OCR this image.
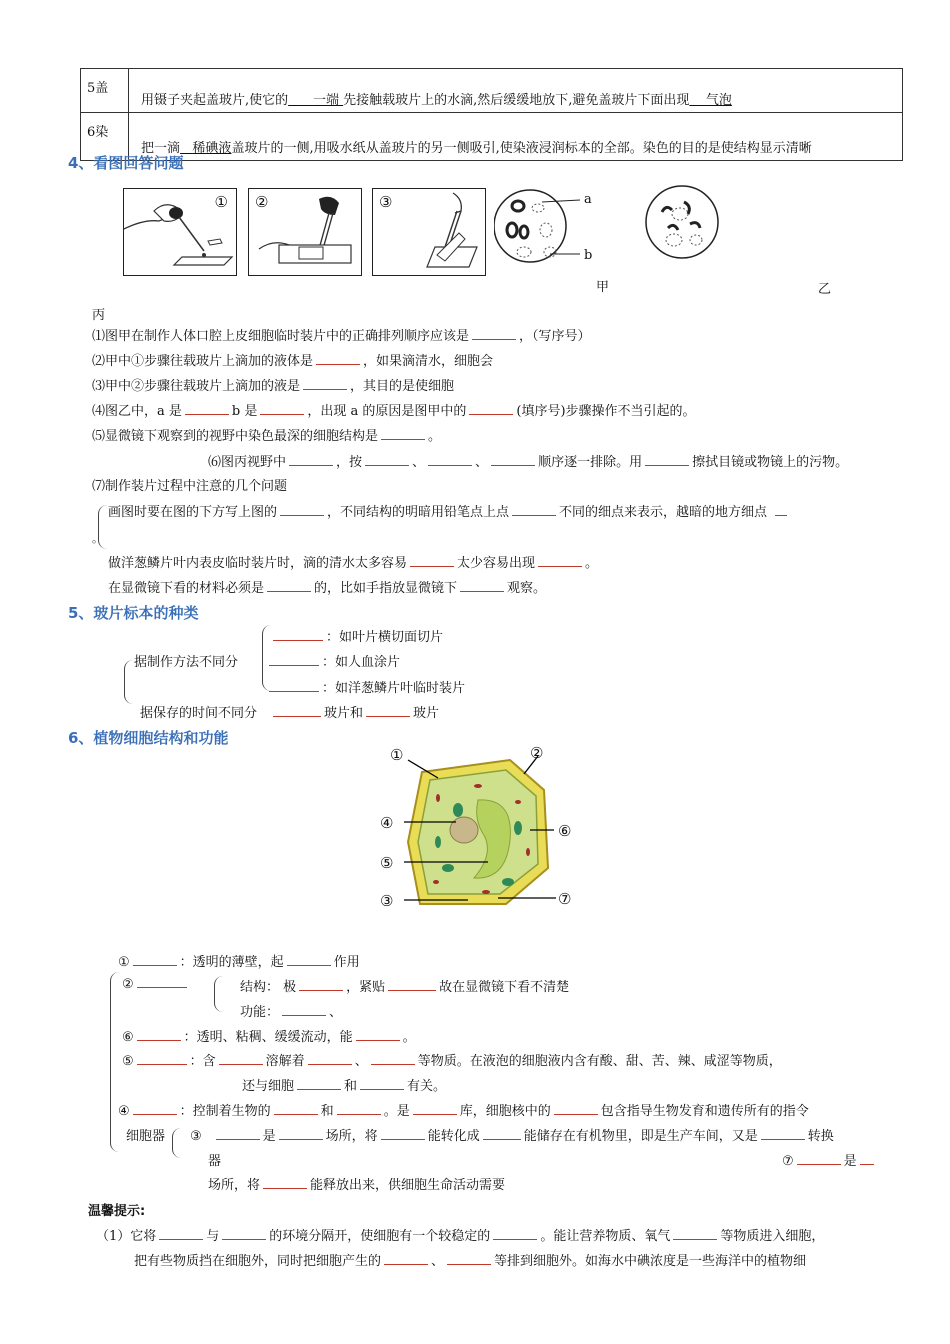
5盖	用镊子夹起盖玻片,使它的 一端 先接触载玻片上的水滴,然后缓缓地放下,避免盖玻片下面出现 气泡
6染	把一滴 稀碘液盖玻片的一侧,用吸水纸从盖玻片的另一侧吸引,使染液浸润标本的全部。染色的目的是使结构显示清晰
4、看图回答问题
① ②	③	a
b
甲	乙
丙
⑴图甲在制作人体口腔上皮细胞临时装片中的正确排列顺序应该是	，（写序号）
⑵甲中①步骤往载玻片上滴加的液体是	，如果滴清水，细胞会
⑶甲中②步骤往载玻片上滴加的液是	，其目的是使细胞
⑷图乙中，a 是	b 是	，出现 a 的原因是图甲中的	(填序号)步骤操作不当引起的。
⑸显微镜下观察到的视野中染色最深的细胞结构是	。
⑹图丙视野中	，按	、	、	顺序逐一排除。用	擦拭目镜或物镜上的污物。
⑺制作装片过程中注意的几个问题
。
画图时要在图的下方写上图的	，不同结构的明暗用铅笔点上点	不同的细点来表示，越暗的地方细点
做洋葱鳞片叶内表皮临时装片时，滴的清水太多容易	太少容易出现	。
在显微镜下看的材料必须是	的，比如手指放显微镜下	观察。
5、玻片标本的种类
据制作方法不同分
：如叶片横切面切片
：如人血涂片
：如洋葱鳞片叶临时装片
据保存的时间不同分	玻片和	玻片
6、植物细胞结构和功能
①	②
③
④
⑤
⑥
⑦
①	：透明的薄壁，起	作用
②	结构： 极	，紧贴	故在显微镜下看不清楚
功能：	、
⑥	：透明、粘稠、缓缓流动，能	。
⑤	：含	溶解着	、	等物质。在液泡的细胞液内含有酸、甜、苦、辣、咸涩等物质，
还与细胞	和	有关。
④	：控制着生物的	和	。是	库，细胞核中的	包含指导生物发育和遗传所有的指令
细胞器 ③	是	场所，将	能转化成	能储存在有机物里，即是生产车间，又是	转换
器	⑦	是
场所，将	能释放出来，供细胞生命活动需要
温馨提示:
（1）它将	与	的环境分隔开，使细胞有一个较稳定的	。能让营养物质、氧气	等物质进入细胞，
把有些物质挡在细胞外，同时把细胞产生的	、	等排到细胞外。如海水中碘浓度是一些海洋中的植物细
